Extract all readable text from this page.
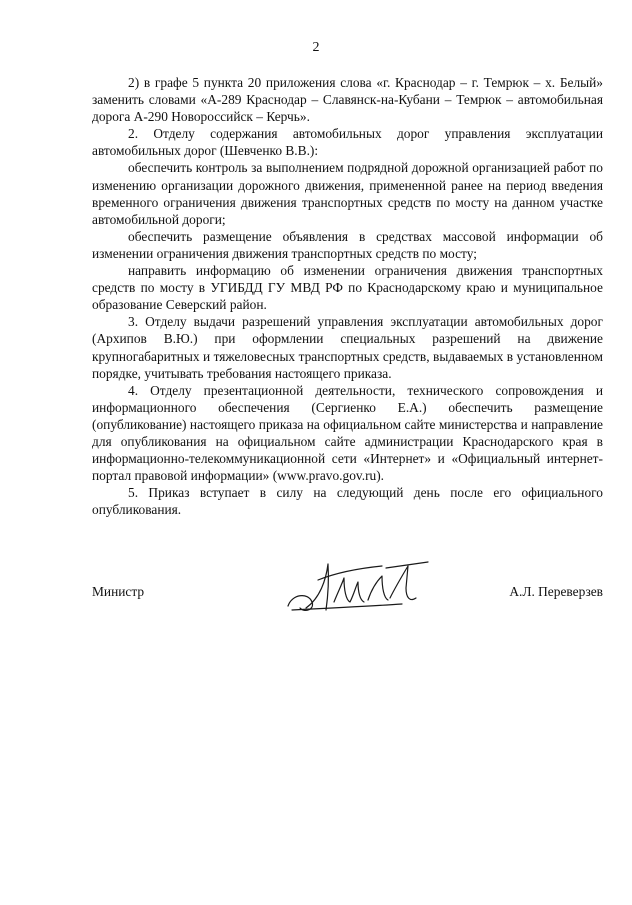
2

2) в графе 5 пункта 20 приложения слова «г. Краснодар – г. Темрюк – х. Белый» заменить словами «А-289 Краснодар – Славянск-на-Кубани – Темрюк – автомобильная дорога А-290 Новороссийск – Керчь».

2. Отделу содержания автомобильных дорог управления эксплуатации автомобильных дорог (Шевченко В.В.):

обеспечить контроль за выполнением подрядной дорожной организацией работ по изменению организации дорожного движения, примененной ранее на период введения временного ограничения движения транспортных средств по мосту на данном участке автомобильной дороги;

обеспечить размещение объявления в средствах массовой информации об изменении ограничения движения транспортных средств по мосту;

направить информацию об изменении ограничения движения транспортных средств по мосту в УГИБДД ГУ МВД РФ по Краснодарскому краю и муниципальное образование Северский район.

3. Отделу выдачи разрешений управления эксплуатации автомобильных дорог (Архипов В.Ю.) при оформлении специальных разрешений на движение крупногабаритных и тяжеловесных транспортных средств, выдаваемых в установленном порядке, учитывать требования настоящего приказа.

4. Отделу презентационной деятельности, технического сопровождения и информационного обеспечения (Сергиенко Е.А.) обеспечить размещение (опубликование) настоящего приказа на официальном сайте министерства и направление для опубликования на официальном сайте администрации Краснодарского края в информационно-телекоммуникационной сети «Интернет» и «Официальный интернет-портал правовой информации» (www.pravo.gov.ru).

5. Приказ вступает в силу на следующий день после его официального опубликования.

Министр	А.Л. Переверзев
